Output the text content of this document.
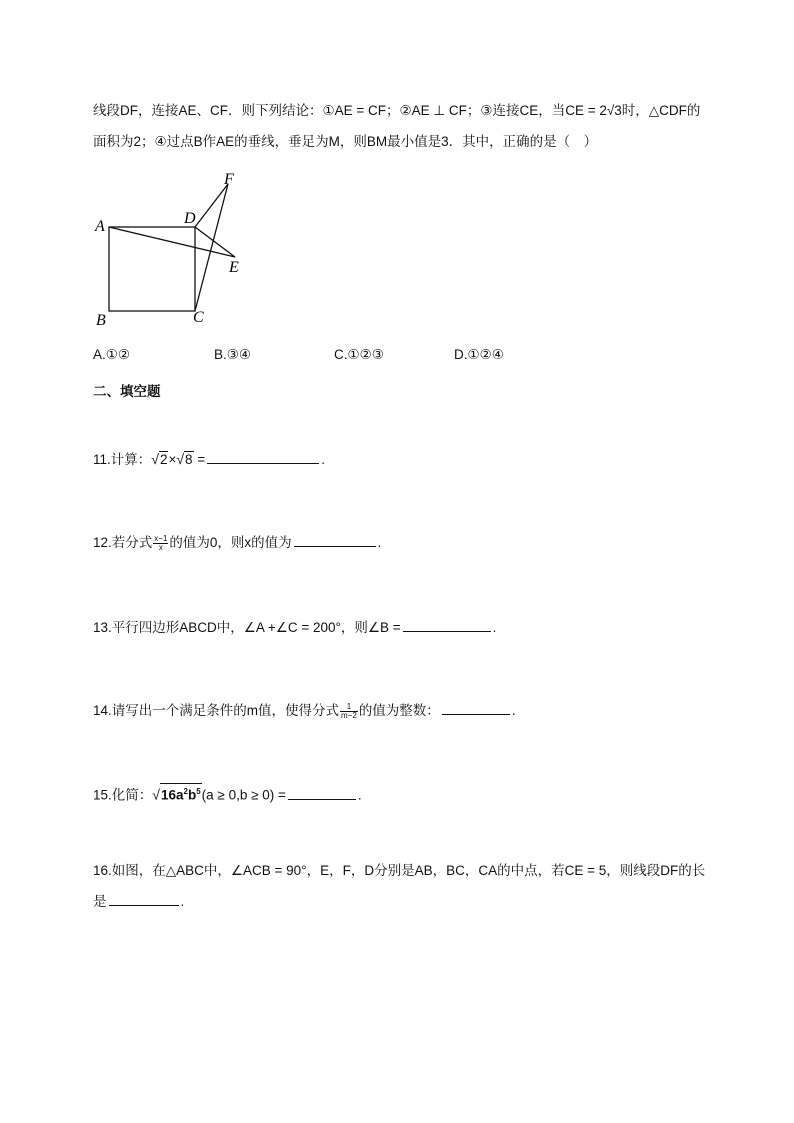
线段DF，连接AE、CF．则下列结论：①AE = CF；②AE ⊥ CF；③连接CE，当CE = 2√3时，△CDF的
面积为2；④过点B作AE的垂线，垂足为M，则BM最小值是3．其中，正确的是（　）
F
A	D
E
B	C
A.①②	B.③④	C.①②③	D.①②④
二、填空题
11.计算：√2×√8 =	.
12.若分式 $\frac{x-1}{x}$ 的值为0，则x的值为	.
13.平行四边形ABCD中，∠A +∠C = 200°，则∠B =	.
14.请写出一个满足条件的m值，使得分式 $\frac{1}{m-2}$ 的值为整数：	.
15.化简：$√16a^2b^5(a \ge 0,b \ge 0)$ =	.
16.如图，在△ABC中，∠ACB = 90°，E，F，D分别是AB，BC，CA的中点，若CE = 5，则线段DF的长
是	.
